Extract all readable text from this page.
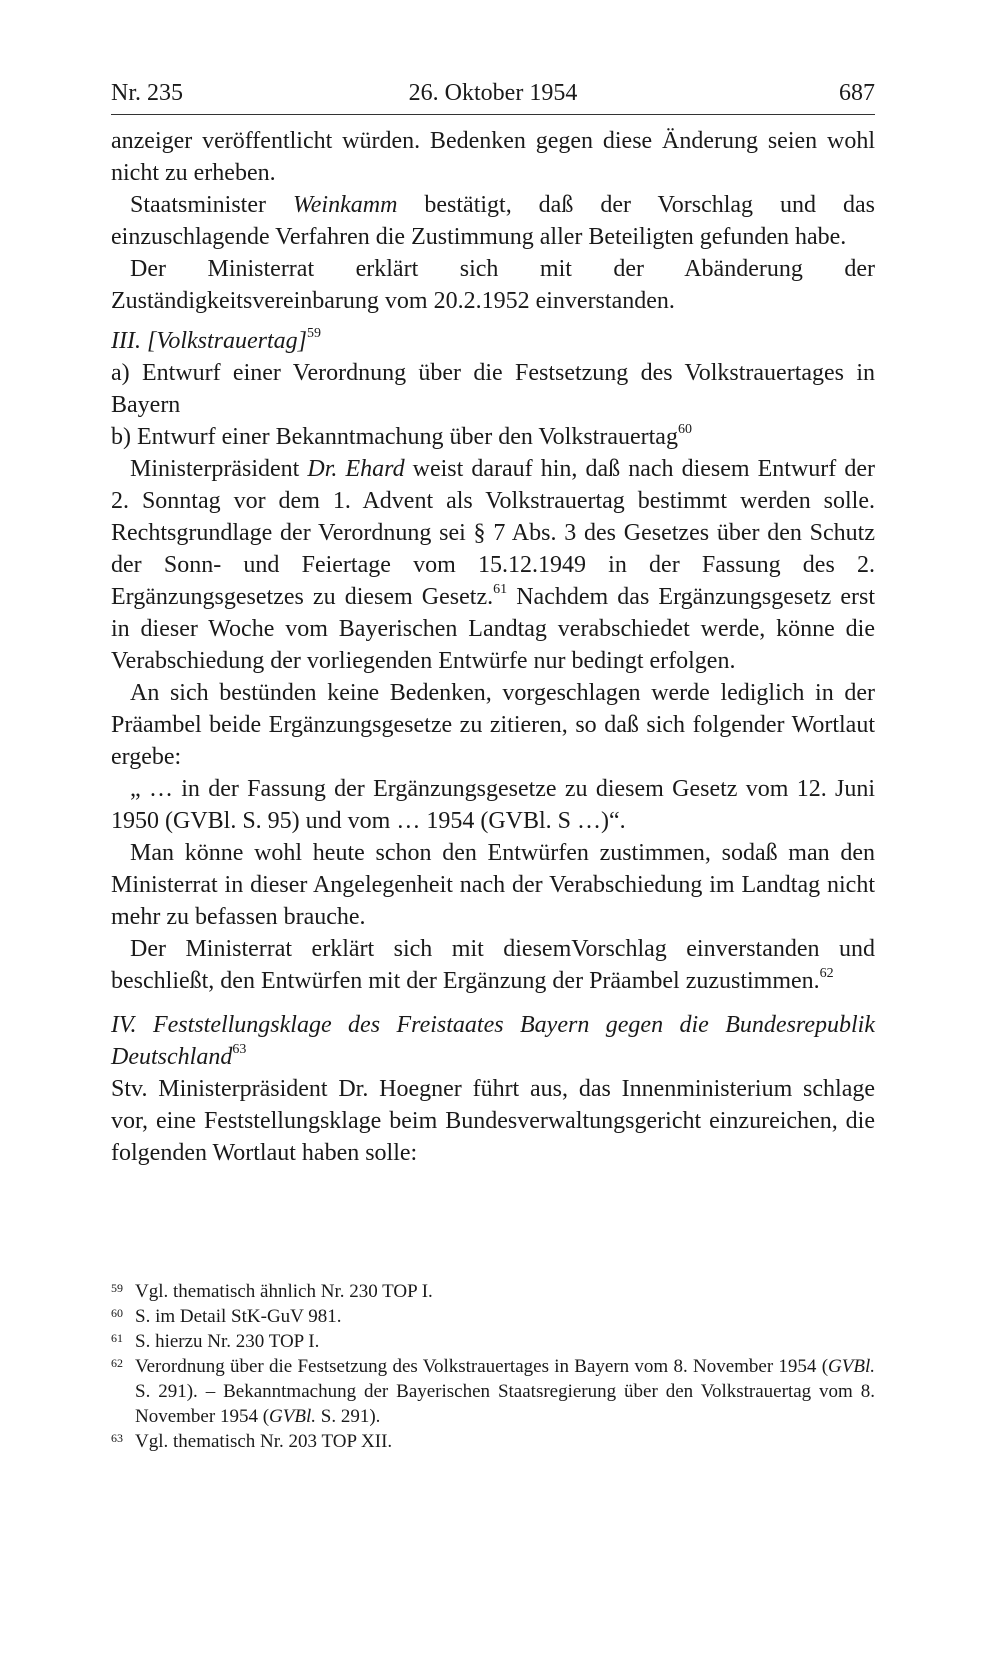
Nr. 235	26. Oktober 1954	687

anzeiger veröffentlicht würden. Bedenken gegen diese Änderung seien wohl nicht zu erheben.

Staatsminister Weinkamm bestätigt, daß der Vorschlag und das einzuschlagende Verfahren die Zustimmung aller Beteiligten gefunden habe.

Der Ministerrat erklärt sich mit der Abänderung der Zuständigkeitsvereinbarung vom 20.2.1952 einverstanden.

III. [Volkstrauertag]$^{59}$

a) Entwurf einer Verordnung über die Festsetzung des Volkstrauertages in Bayern

b) Entwurf einer Bekanntmachung über den Volkstrauertag$^{60}$

Ministerpräsident Dr. Ehard weist darauf hin, daß nach diesem Entwurf der 2. Sonntag vor dem 1. Advent als Volkstrauertag bestimmt werden solle. Rechtsgrundlage der Verordnung sei § 7 Abs. 3 des Gesetzes über den Schutz der Sonn- und Feiertage vom 15.12.1949 in der Fassung des 2. Ergänzungsgesetzes zu diesem Gesetz.$^{61}$ Nachdem das Ergänzungsgesetz erst in dieser Woche vom Bayerischen Landtag verabschiedet werde, könne die Verabschiedung der vorliegenden Entwürfe nur bedingt erfolgen.

An sich bestünden keine Bedenken, vorgeschlagen werde lediglich in der Präambel beide Ergänzungsgesetze zu zitieren, so daß sich folgender Wortlaut ergebe:

„ … in der Fassung der Ergänzungsgesetze zu diesem Gesetz vom 12. Juni 1950 (GVBl. S. 95) und vom … 1954 (GVBl. S …)“.

Man könne wohl heute schon den Entwürfen zustimmen, sodaß man den Ministerrat in dieser Angelegenheit nach der Verabschiedung im Landtag nicht mehr zu befassen brauche.

Der Ministerrat erklärt sich mit diesemVorschlag einverstanden und beschließt, den Entwürfen mit der Ergänzung der Präambel zuzustimmen.$^{62}$

IV. Feststellungsklage des Freistaates Bayern gegen die Bundesrepublik Deutschland$^{63}$

Stv. Ministerpräsident Dr. Hoegner führt aus, das Innenministerium schlage vor, eine Feststellungsklage beim Bundesverwaltungsgericht einzureichen, die folgenden Wortlaut haben solle:

59 Vgl. thematisch ähnlich Nr. 230 TOP I.
60 S. im Detail StK-GuV 981.
61 S. hierzu Nr. 230 TOP I.
62 Verordnung über die Festsetzung des Volkstrauertages in Bayern vom 8. November 1954 (GVBl. S. 291). – Bekanntmachung der Bayerischen Staatsregierung über den Volkstrauertag vom 8. November 1954 (GVBl. S. 291).
63 Vgl. thematisch Nr. 203 TOP XII.
